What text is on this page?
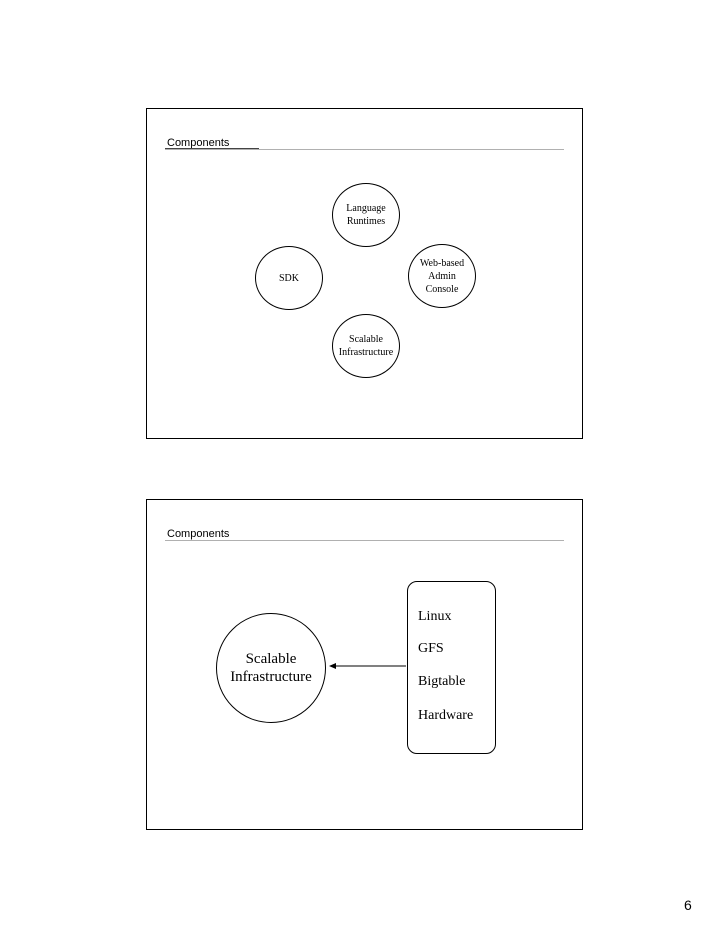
Components
Language
Runtimes
SDK
Web-based
Admin
Console
Scalable
Infrastructure
Components
Scalable
Infrastructure
Linux
GFS
Bigtable
Hardware
6
